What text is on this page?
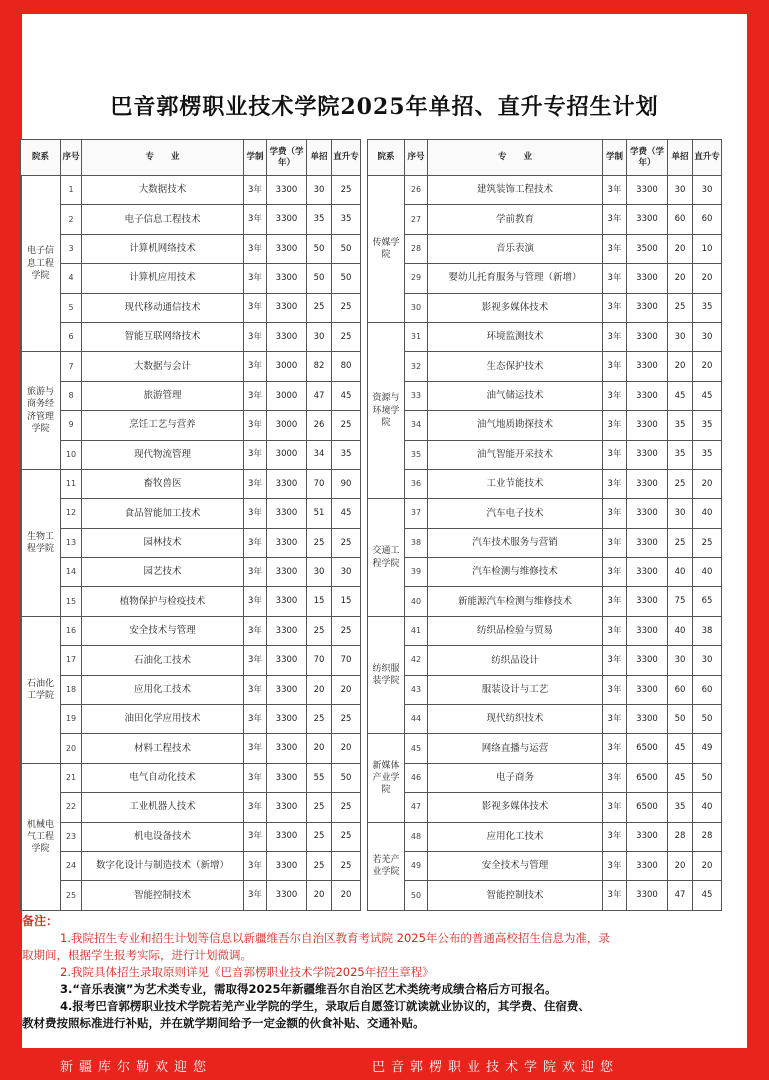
巴音郭楞职业技术学院2025年单招、直升专招生计划
院系	序号	专　　业	学制	学费（学年）	单招	直升专
电子信息工程学院	1	大数据技术	3年	3300	30	25
	2	电子信息工程技术	3年	3300	35	35
	3	计算机网络技术	3年	3300	50	50
	4	计算机应用技术	3年	3300	50	50
	5	现代移动通信技术	3年	3300	25	25
	6	智能互联网络技术	3年	3300	30	25
旅游与商务经济管理学院	7	大数据与会计	3年	3000	82	80
	8	旅游管理	3年	3000	47	45
	9	烹饪工艺与营养	3年	3000	26	25
	10	现代物流管理	3年	3000	34	35
生物工程学院	11	畜牧兽医	3年	3300	70	90
	12	食品智能加工技术	3年	3300	51	45
	13	园林技术	3年	3300	25	25
	14	园艺技术	3年	3300	30	30
	15	植物保护与检疫技术	3年	3300	15	15
石油化工学院	16	安全技术与管理	3年	3300	25	25
	17	石油化工技术	3年	3300	70	70
	18	应用化工技术	3年	3300	20	20
	19	油田化学应用技术	3年	3300	25	25
	20	材料工程技术	3年	3300	20	20
机械电气工程学院	21	电气自动化技术	3年	3300	55	50
	22	工业机器人技术	3年	3300	25	25
	23	机电设备技术	3年	3300	25	25
	24	数字化设计与制造技术（新增）	3年	3300	25	25
	25	智能控制技术	3年	3300	20	20
院系	序号	专　　业	学制	学费（学年）	单招	直升专
传媒学院	26	建筑装饰工程技术	3年	3300	30	30
	27	学前教育	3年	3300	60	60
	28	音乐表演	3年	3500	20	10
	29	婴幼儿托育服务与管理（新增）	3年	3300	20	20
	30	影视多媒体技术	3年	3300	25	35
资源与环境学院	31	环境监测技术	3年	3300	30	30
	32	生态保护技术	3年	3300	20	20
	33	油气储运技术	3年	3300	45	45
	34	油气地质勘探技术	3年	3300	35	35
	35	油气智能开采技术	3年	3300	35	35
	36	工业节能技术	3年	3300	25	20
交通工程学院	37	汽车电子技术	3年	3300	30	40
	38	汽车技术服务与营销	3年	3300	25	25
	39	汽车检测与维修技术	3年	3300	40	40
	40	新能源汽车检测与维修技术	3年	3300	75	65
纺织服装学院	41	纺织品检验与贸易	3年	3300	40	38
	42	纺织品设计	3年	3300	30	30
	43	服装设计与工艺	3年	3300	60	60
	44	现代纺织技术	3年	3300	50	50
新媒体产业学院	45	网络直播与运营	3年	6500	45	49
	46	电子商务	3年	6500	45	50
	47	影视多媒体技术	3年	6500	35	40
若羌产业学院	48	应用化工技术	3年	3300	28	28
	49	安全技术与管理	3年	3300	20	20
	50	智能控制技术	3年	3300	47	45

备注：

1.我院招生专业和招生计划等信息以新疆维吾尔自治区教育考试院 2025年公布的普通高校招生信息为准，录

取期间，根据学生报考实际，进行计划微调。

2.我院具体招生录取原则详见《巴音郭楞职业技术学院2025年招生章程》

3.“音乐表演”为艺术类专业，需取得2025年新疆维吾尔自治区艺术类统考成绩合格后方可报名。

4.报考巴音郭楞职业技术学院若羌产业学院的学生，录取后自愿签订就读就业协议的，其学费、住宿费、

教材费按照标准进行补贴，并在就学期间给予一定金额的伙食补贴、交通补贴。

新疆库尔勒欢迎您	巴音郭楞职业技术学院欢迎您
